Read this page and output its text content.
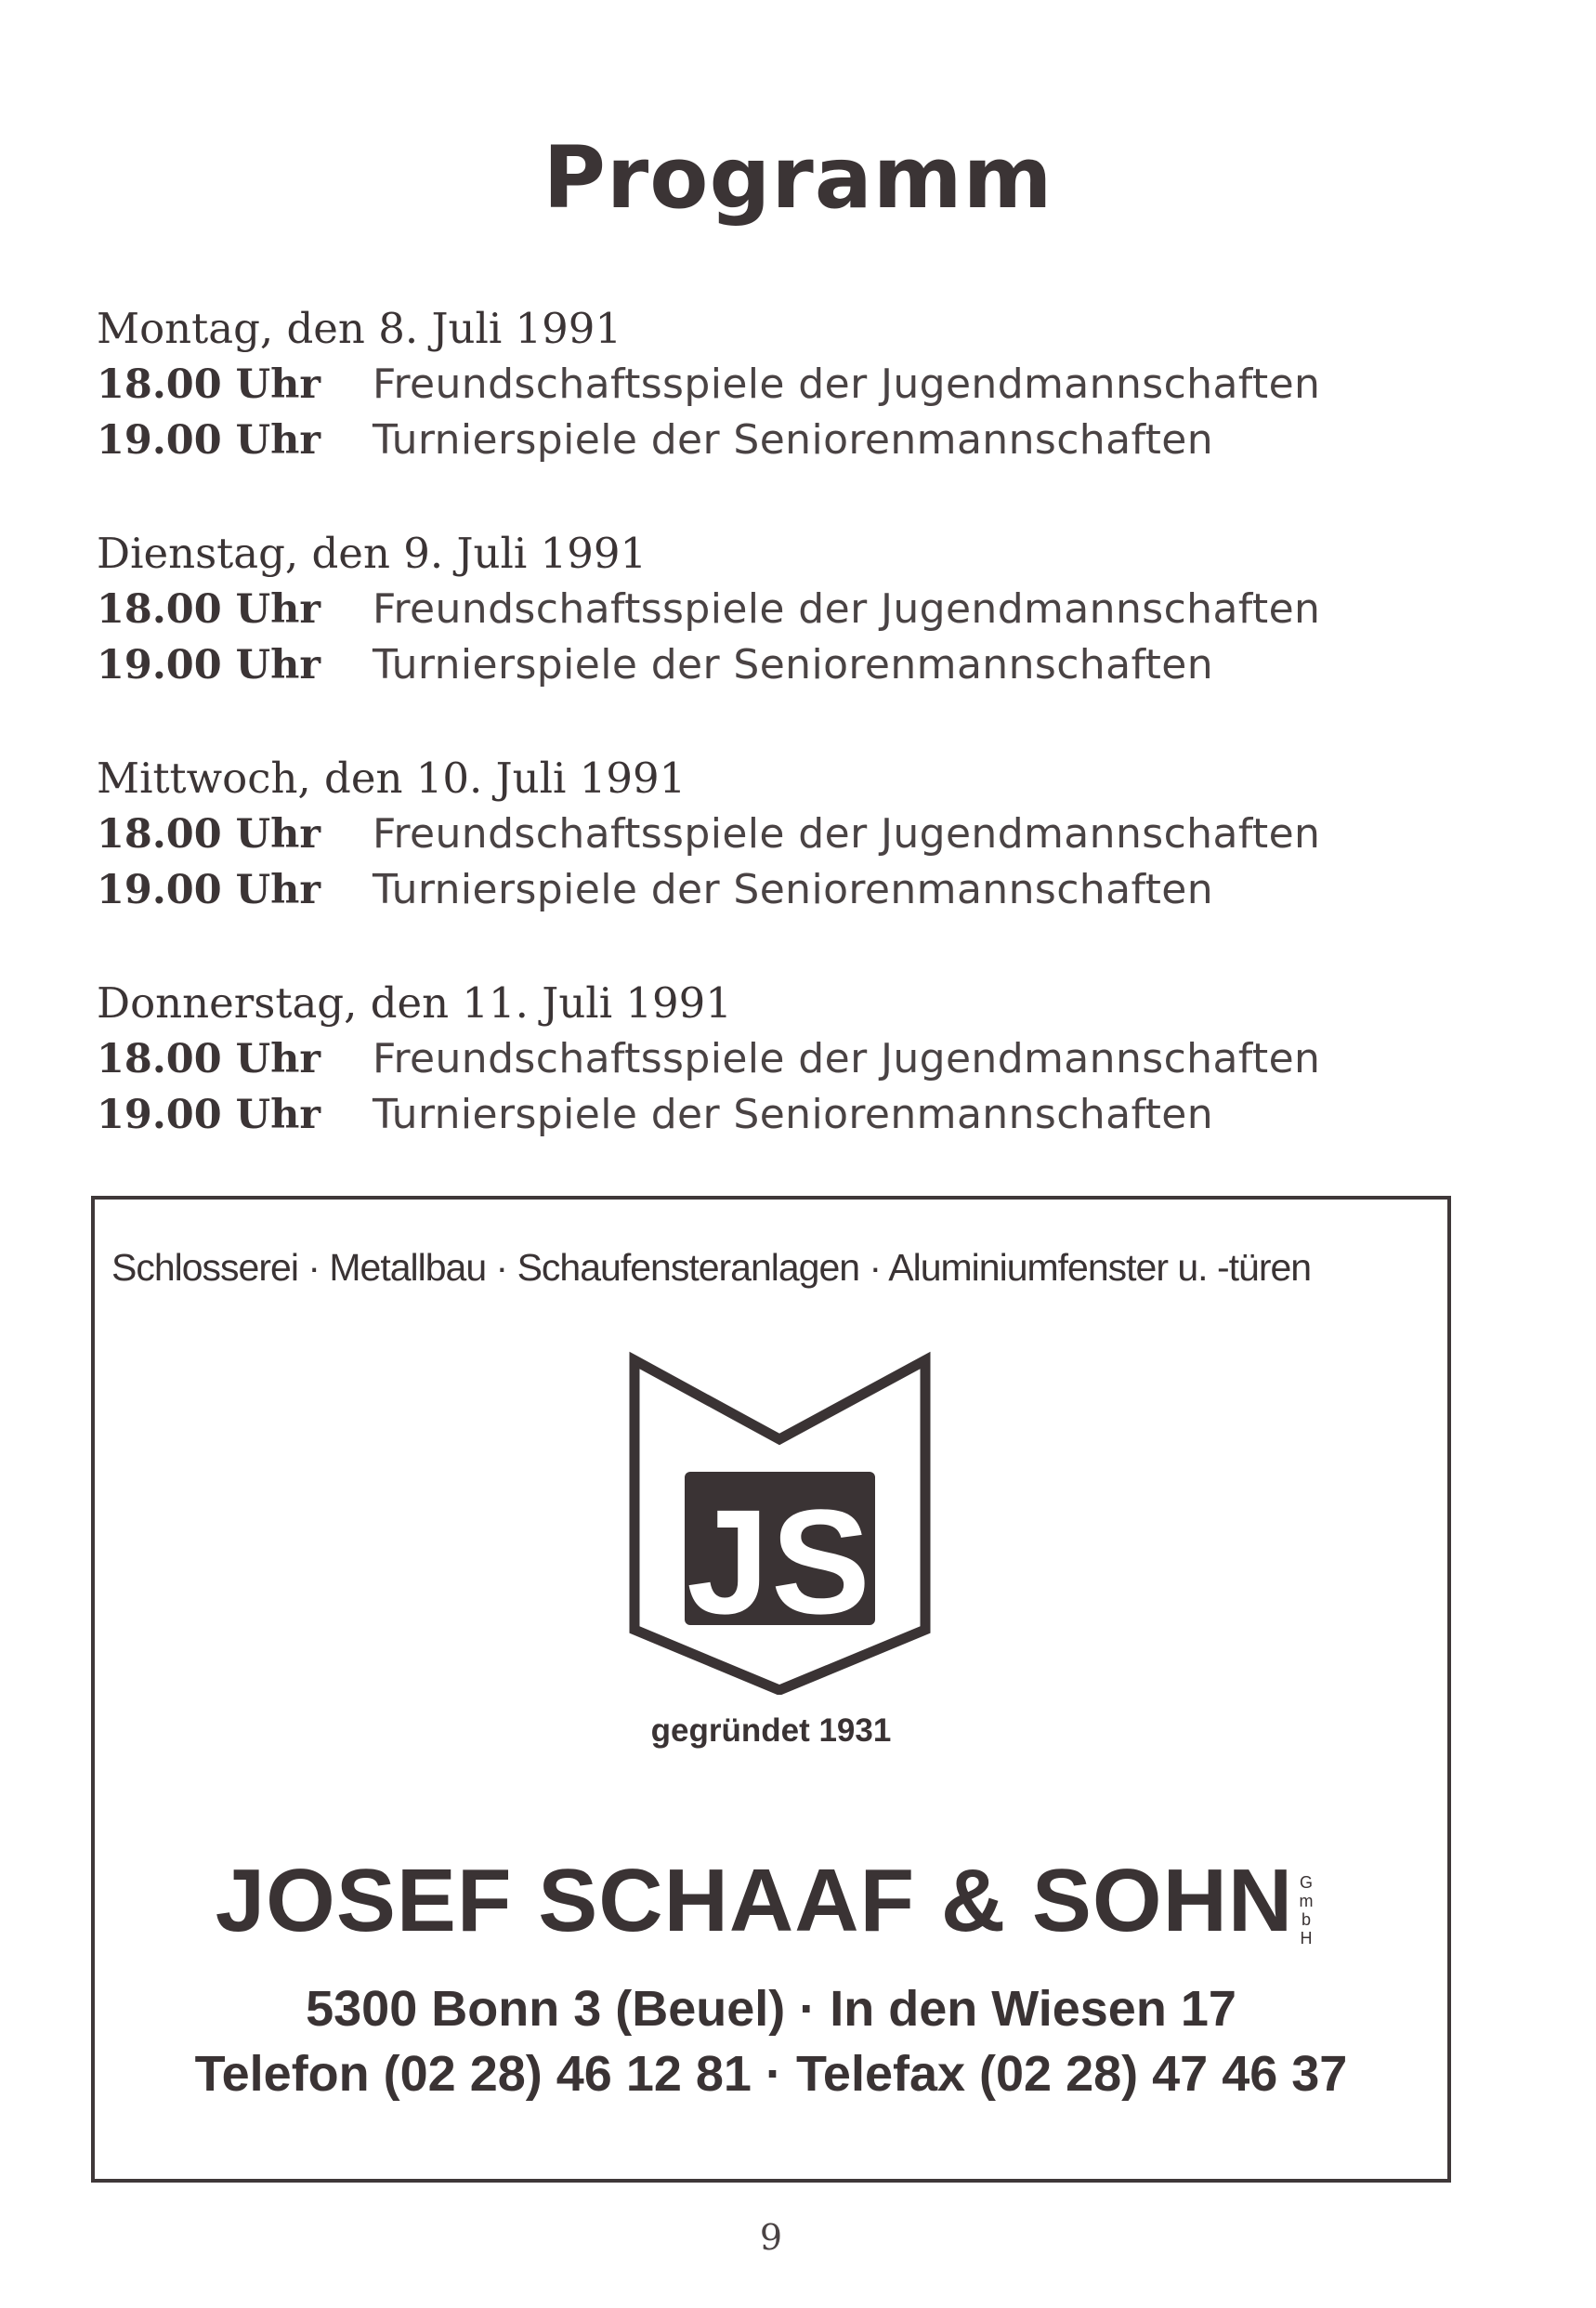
Programm
Montag, den 8. Juli 1991
18.00 Uhr Freundschaftsspiele der Jugendmannschaften
19.00 Uhr Turnierspiele der Seniorenmannschaften
Dienstag, den 9. Juli 1991
18.00 Uhr Freundschaftsspiele der Jugendmannschaften
19.00 Uhr Turnierspiele der Seniorenmannschaften
Mittwoch, den 10. Juli 1991
18.00 Uhr Freundschaftsspiele der Jugendmannschaften
19.00 Uhr Turnierspiele der Seniorenmannschaften
Donnerstag, den 11. Juli 1991
18.00 Uhr Freundschaftsspiele der Jugendmannschaften
19.00 Uhr Turnierspiele der Seniorenmannschaften
Schlosserei · Metallbau · Schaufensteranlagen · Aluminiumfenster u. -türen
JS
gegründet 1931
JOSEF SCHAAF & SOHN G
m
b
H
5300 Bonn 3 (Beuel) · In den Wiesen 17
Telefon (02 28) 46 12 81 · Telefax (02 28) 47 46 37
9
